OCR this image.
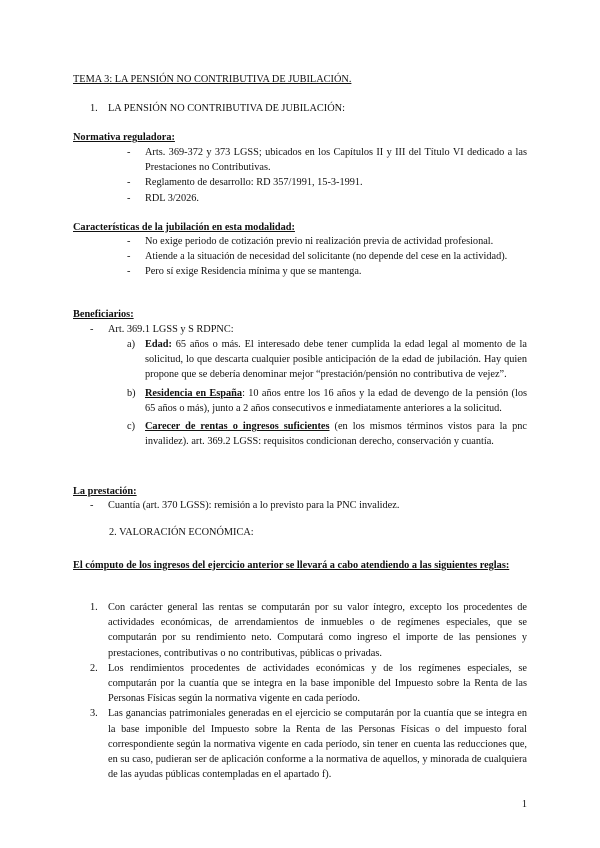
TEMA 3: LA PENSIÓN NO CONTRIBUTIVA DE JUBILACIÓN.
1. LA PENSIÓN NO CONTRIBUTIVA DE JUBILACIÓN:
Normativa reguladora:
- Arts. 369-372 y 373 LGSS; ubicados en los Capítulos II y III del Título VI dedicado a las Prestaciones no Contributivas.
- Reglamento de desarrollo: RD 357/1991, 15-3-1991.
- RDL 3/2026.
Características de la jubilación en esta modalidad:
- No exige periodo de cotización previo ni realización previa de actividad profesional.
- Atiende a la situación de necesidad del solicitante (no depende del cese en la actividad).
- Pero sí exige Residencia mínima y que se mantenga.
Beneficiarios:
- Art. 369.1 LGSS y S RDPNC:
a) Edad: 65 años o más. El interesado debe tener cumplida la edad legal al momento de la solicitud, lo que descarta cualquier posible anticipación de la edad de jubilación. Hay quien propone que se debería denominar mejor “prestación/pensión no contributiva de vejez”.
b) Residencia en España: 10 años entre los 16 años y la edad de devengo de la pensión (los 65 años o más), junto a 2 años consecutivos e inmediatamente anteriores a la solicitud.
c) Carecer de rentas o ingresos suficientes (en los mismos términos vistos para la pnc invalidez). art. 369.2 LGSS: requisitos condicionan derecho, conservación y cuantía.
La prestación:
- Cuantía (art. 370 LGSS): remisión a lo previsto para la PNC invalidez.
2. VALORACIÓN ECONÓMICA:
El cómputo de los ingresos del ejercicio anterior se llevará a cabo atendiendo a las siguientes reglas:
1. Con carácter general las rentas se computarán por su valor íntegro, excepto los procedentes de actividades económicas, de arrendamientos de inmuebles o de regímenes especiales, que se computarán por su rendimiento neto. Computará como ingreso el importe de las pensiones y prestaciones, contributivas o no contributivas, públicas o privadas.
2. Los rendimientos procedentes de actividades económicas y de los regímenes especiales, se computarán por la cuantía que se integra en la base imponible del Impuesto sobre la Renta de las Personas Físicas según la normativa vigente en cada período.
3. Las ganancias patrimoniales generadas en el ejercicio se computarán por la cuantía que se integra en la base imponible del Impuesto sobre la Renta de las Personas Físicas o del impuesto foral correspondiente según la normativa vigente en cada período, sin tener en cuenta las reducciones que, en su caso, pudieran ser de aplicación conforme a la normativa de aquellos, y minorada de cualquiera de las ayudas públicas contempladas en el apartado f).
1
